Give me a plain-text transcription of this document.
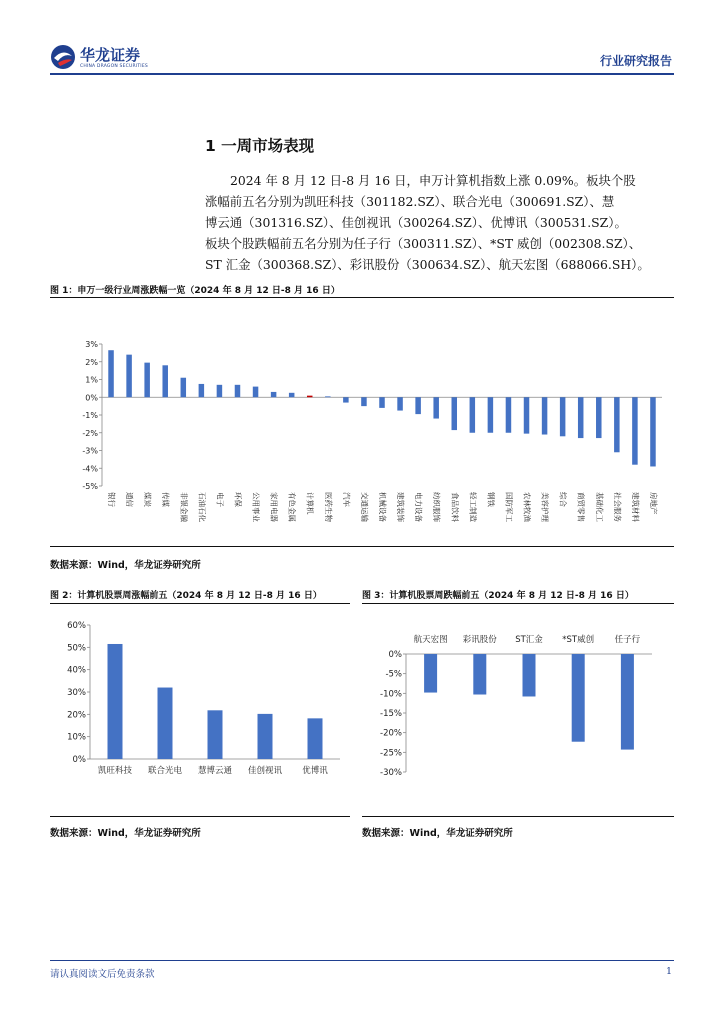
华龙证券
CHINA DRAGON SECURITIES	行业研究报告
1 一周市场表现
2024 年 8 月 12 日-8 月 16 日，申万计算机指数上涨 0.09%。板块个股
涨幅前五名分别为凯旺科技（301182.SZ）、联合光电（300691.SZ）、慧
博云通（301316.SZ）、佳创视讯（300264.SZ）、优博讯（300531.SZ）。
板块个股跌幅前五名分别为任子行（300311.SZ）、*ST 威创（002308.SZ）、
ST 汇金（300368.SZ）、彩讯股份（300634.SZ）、航天宏图（688066.SH）。
图 1：申万一级行业周涨跌幅一览（2024 年 8 月 12 日-8 月 16 日）
3%
2%
1%
0%
-1%
-2%
-3%
-4%
-5%
银行 通信 煤炭 传媒 非银金融 石油石化 电子 环保 公用事业 家用电器 有色金属 计算机 医药生物 汽车 交通运输 机械设备 建筑装饰 电力设备 纺织服饰 食品饮料 轻工制造 钢铁 国防军工 农林牧渔 美容护理 综合 商贸零售 基础化工 社会服务 建筑材料 房地产
数据来源：Wind，华龙证券研究所
图 2：计算机股票周涨幅前五（2024 年 8 月 12 日-8 月 16 日）	图 3：计算机股票周跌幅前五（2024 年 8 月 12 日-8 月 16 日）
60%
50%
40%
30%
20%
10%
0%
凯旺科技 联合光电 慧博云通 佳创视讯 优博讯
0%
-5%
-10%
-15%
-20%
-25%
-30%
航天宏图 彩讯股份 ST汇金 *ST威创 任子行
数据来源：Wind，华龙证券研究所	数据来源：Wind，华龙证券研究所
请认真阅读文后免责条款	1
